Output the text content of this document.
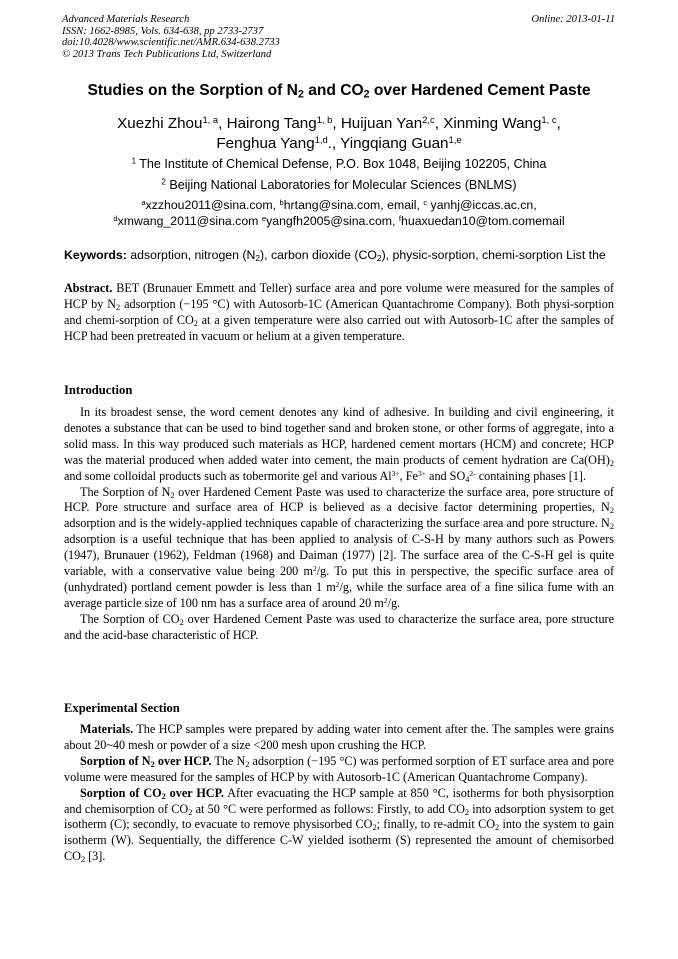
Advanced Materials Research
ISSN: 1662-8985, Vols. 634-638, pp 2733-2737
doi:10.4028/www.scientific.net/AMR.634-638.2733
© 2013 Trans Tech Publications Ltd, Switzerland
Online: 2013-01-11
Studies on the Sorption of $N_2$ and $CO_2$ over Hardened Cement Paste
Xuezhi Zhou$^{1, a}$, Hairong Tang$^{1, b}$, Huijuan Yan$^{2,c}$, Xinming Wang$^{1, c}$,
Fenghua Yang$^{1,d}$., Yingqiang Guan$^{1,e}$
$^1$ The Institute of Chemical Defense, P.O. Box 1048, Beijing 102205, China
$^2$ Beijing National Laboratories for Molecular Sciences (BNLMS)
$^a$xzzhou2011@sina.com, $^b$hrtang@sina.com, email, $^c$ yanhj@iccas.ac.cn,
$^d$xmwang_2011@sina.com $^e$yangfh2005@sina.com, $^f$huaxuedan10@tom.comemail
Keywords: adsorption, nitrogen $(N_2)$, carbon dioxide $(CO_2)$, physic-sorption, chemi-sorption List the

Abstract. BET (Brunauer Emmett and Teller) surface area and pore volume were measured for the samples of HCP by $N_2$ adsorption (−195 °C) with Autosorb-1C (American Quantachrome Company). Both physi-sorption and chemi-sorption of $CO_2$ at a given temperature were also carried out with Autosorb-1C after the samples of HCP had been pretreated in vacuum or helium at a given temperature.

Introduction

In its broadest sense, the word cement denotes any kind of adhesive. In building and civil engineering, it denotes a substance that can be used to bind together sand and broken stone, or other forms of aggregate, into a solid mass. In this way produced such materials as HCP, hardened cement mortars (HCM) and concrete; HCP was the material produced when added water into cement, the main products of cement hydration are $Ca(OH)_2$ and some colloidal products such as tobermorite gel and various $Al^{3+}$, $Fe^{3+}$ and $SO_4^{2-}$ containing phases [1].

The Sorption of $N_2$ over Hardened Cement Paste was used to characterize the surface area, pore structure of HCP. Pore structure and surface area of HCP is believed as a decisive factor determining properties, $N_2$ adsorption and is the widely-applied techniques capable of characterizing the surface area and pore structure. $N_2$ adsorption is a useful technique that has been applied to analysis of C-S-H by many authors such as Powers (1947), Brunauer (1962), Feldman (1968) and Daiman (1977) [2]. The surface area of the C-S-H gel is quite variable, with a conservative value being 200 $m^2/g$. To put this in perspective, the specific surface area of (unhydrated) portland cement powder is less than 1 $m^2/g$, while the surface area of a fine silica fume with an average particle size of 100 nm has a surface area of around 20 $m^2/g$.

The Sorption of $CO_2$ over Hardened Cement Paste was used to characterize the surface area, pore structure and the acid-base characteristic of HCP.

Experimental Section

Materials. The HCP samples were prepared by adding water into cement after the. The samples were grains about 20~40 mesh or powder of a size <200 mesh upon crushing the HCP.

Sorption of $N_2$ over HCP. The $N_2$ adsorption (−195 °C) was performed sorption of ET surface area and pore volume were measured for the samples of HCP by with Autosorb-1C (American Quantachrome Company).

Sorption of $CO_2$ over HCP. After evacuating the HCP sample at 850 °C, isotherms for both physisorption and chemisorption of $CO_2$ at 50 °C were performed as follows: Firstly, to add $CO_2$ into adsorption system to get isotherm (C); secondly, to evacuate to remove physisorbed $CO_2$; finally, to re-admit $CO_2$ into the system to gain isotherm (W). Sequentially, the difference C-W yielded isotherm (S) represented the amount of chemisorbed $CO_2$ [3].
